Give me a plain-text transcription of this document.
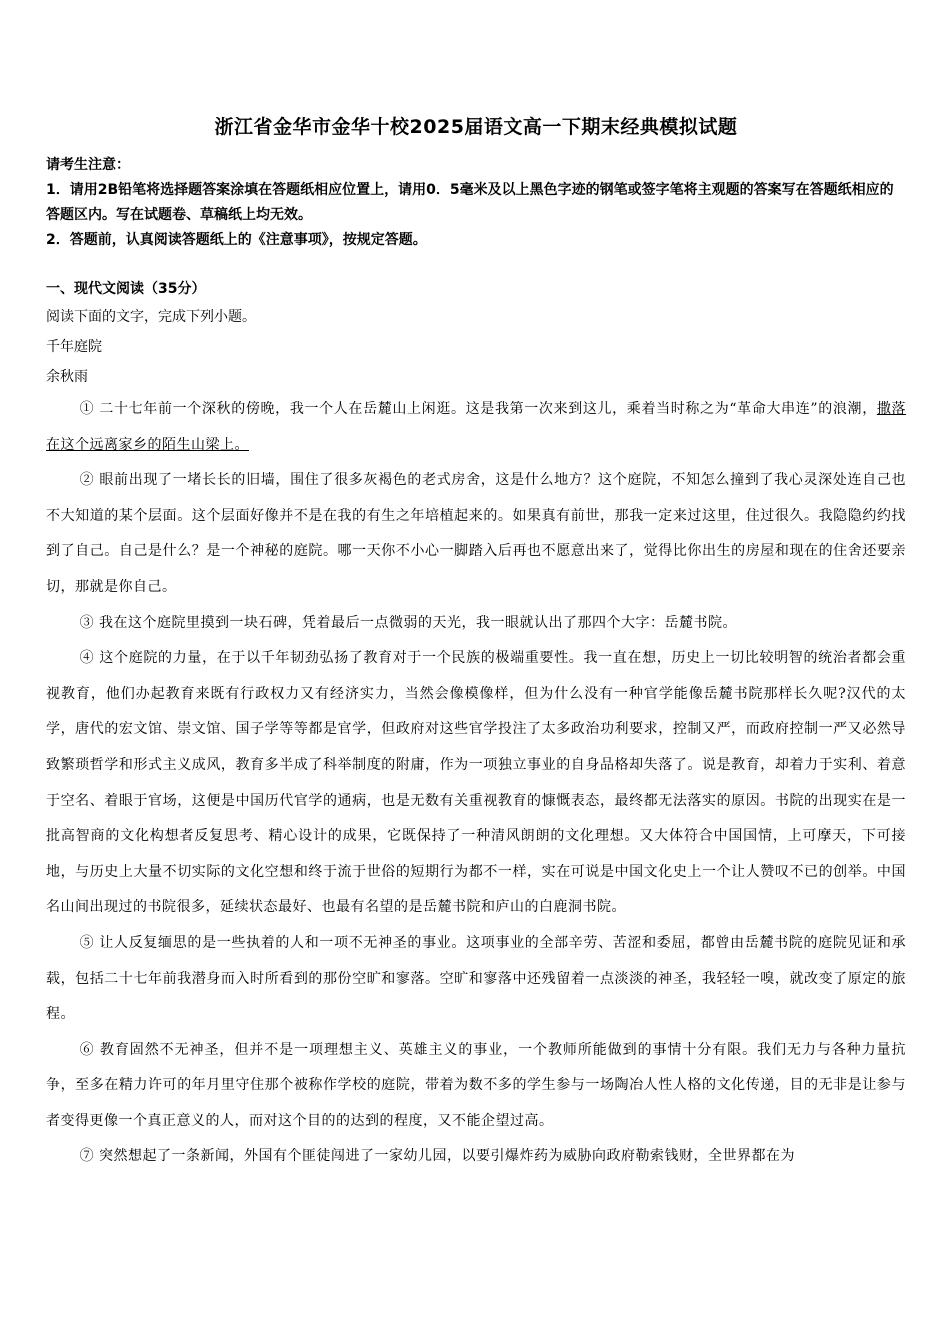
浙江省金华市金华十校2025届语文高一下期末经典模拟试题

请考生注意：

1．请用2B铅笔将选择题答案涂填在答题纸相应位置上，请用0．5毫米及以上黑色字迹的钢笔或签字笔将主观题的答案写在答题纸相应的答题区内。写在试题卷、草稿纸上均无效。

2．答题前，认真阅读答题纸上的《注意事项》，按规定答题。

一、现代文阅读（35分）

阅读下面的文字，完成下列小题。

千年庭院

余秋雨

① 二十七年前一个深秋的傍晚，我一个人在岳麓山上闲逛。这是我第一次来到这儿，乘着当时称之为“革命大串连”的浪潮，撒落在这个远离家乡的陌生山梁上。

② 眼前出现了一堵长长的旧墙，围住了很多灰褐色的老式房舍，这是什么地方？这个庭院，不知怎么撞到了我心灵深处连自己也不大知道的某个层面。这个层面好像并不是在我的有生之年培植起来的。如果真有前世，那我一定来过这里，住过很久。我隐隐约约找到了自己。自己是什么？是一个神秘的庭院。哪一天你不小心一脚踏入后再也不愿意出来了，觉得比你出生的房屋和现在的住舍还要亲切，那就是你自己。

③ 我在这个庭院里摸到一块石碑，凭着最后一点微弱的天光，我一眼就认出了那四个大字：岳麓书院。

④ 这个庭院的力量，在于以千年韧劲弘扬了教育对于一个民族的极端重要性。我一直在想，历史上一切比较明智的统治者都会重视教育，他们办起教育来既有行政权力又有经济实力，当然会像模像样，但为什么没有一种官学能像岳麓书院那样长久呢?汉代的太学，唐代的宏文馆、崇文馆、国子学等等都是官学，但政府对这些官学投注了太多政治功利要求，控制又严，而政府控制一严又必然导致繁琐哲学和形式主义成风，教育多半成了科举制度的附庸，作为一项独立事业的自身品格却失落了。说是教育，却着力于实利、着意于空名、着眼于官场，这便是中国历代官学的通病，也是无数有关重视教育的慷慨表态，最终都无法落实的原因。书院的出现实在是一批高智商的文化构想者反复思考、精心设计的成果，它既保持了一种清风朗朗的文化理想。又大体符合中国国情，上可摩天，下可接地，与历史上大量不切实际的文化空想和终于流于世俗的短期行为都不一样，实在可说是中国文化史上一个让人赞叹不已的创举。中国名山间出现过的书院很多，延续状态最好、也最有名望的是岳麓书院和庐山的白鹿洞书院。

⑤ 让人反复缅思的是一些执着的人和一项不无神圣的事业。这项事业的全部辛劳、苦涩和委屈，都曾由岳麓书院的庭院见证和承载，包括二十七年前我潜身而入时所看到的那份空旷和寥落。空旷和寥落中还残留着一点淡淡的神圣，我轻轻一嗅，就改变了原定的旅程。

⑥ 教育固然不无神圣，但并不是一项理想主义、英雄主义的事业，一个教师所能做到的事情十分有限。我们无力与各种力量抗争，至多在精力许可的年月里守住那个被称作学校的庭院，带着为数不多的学生参与一场陶冶人性人格的文化传递，目的无非是让参与者变得更像一个真正意义的人，而对这个目的的达到的程度，又不能企望过高。

⑦ 突然想起了一条新闻，外国有个匪徒闯进了一家幼儿园，以要引爆炸药为威胁向政府勒索钱财，全世界都在为
